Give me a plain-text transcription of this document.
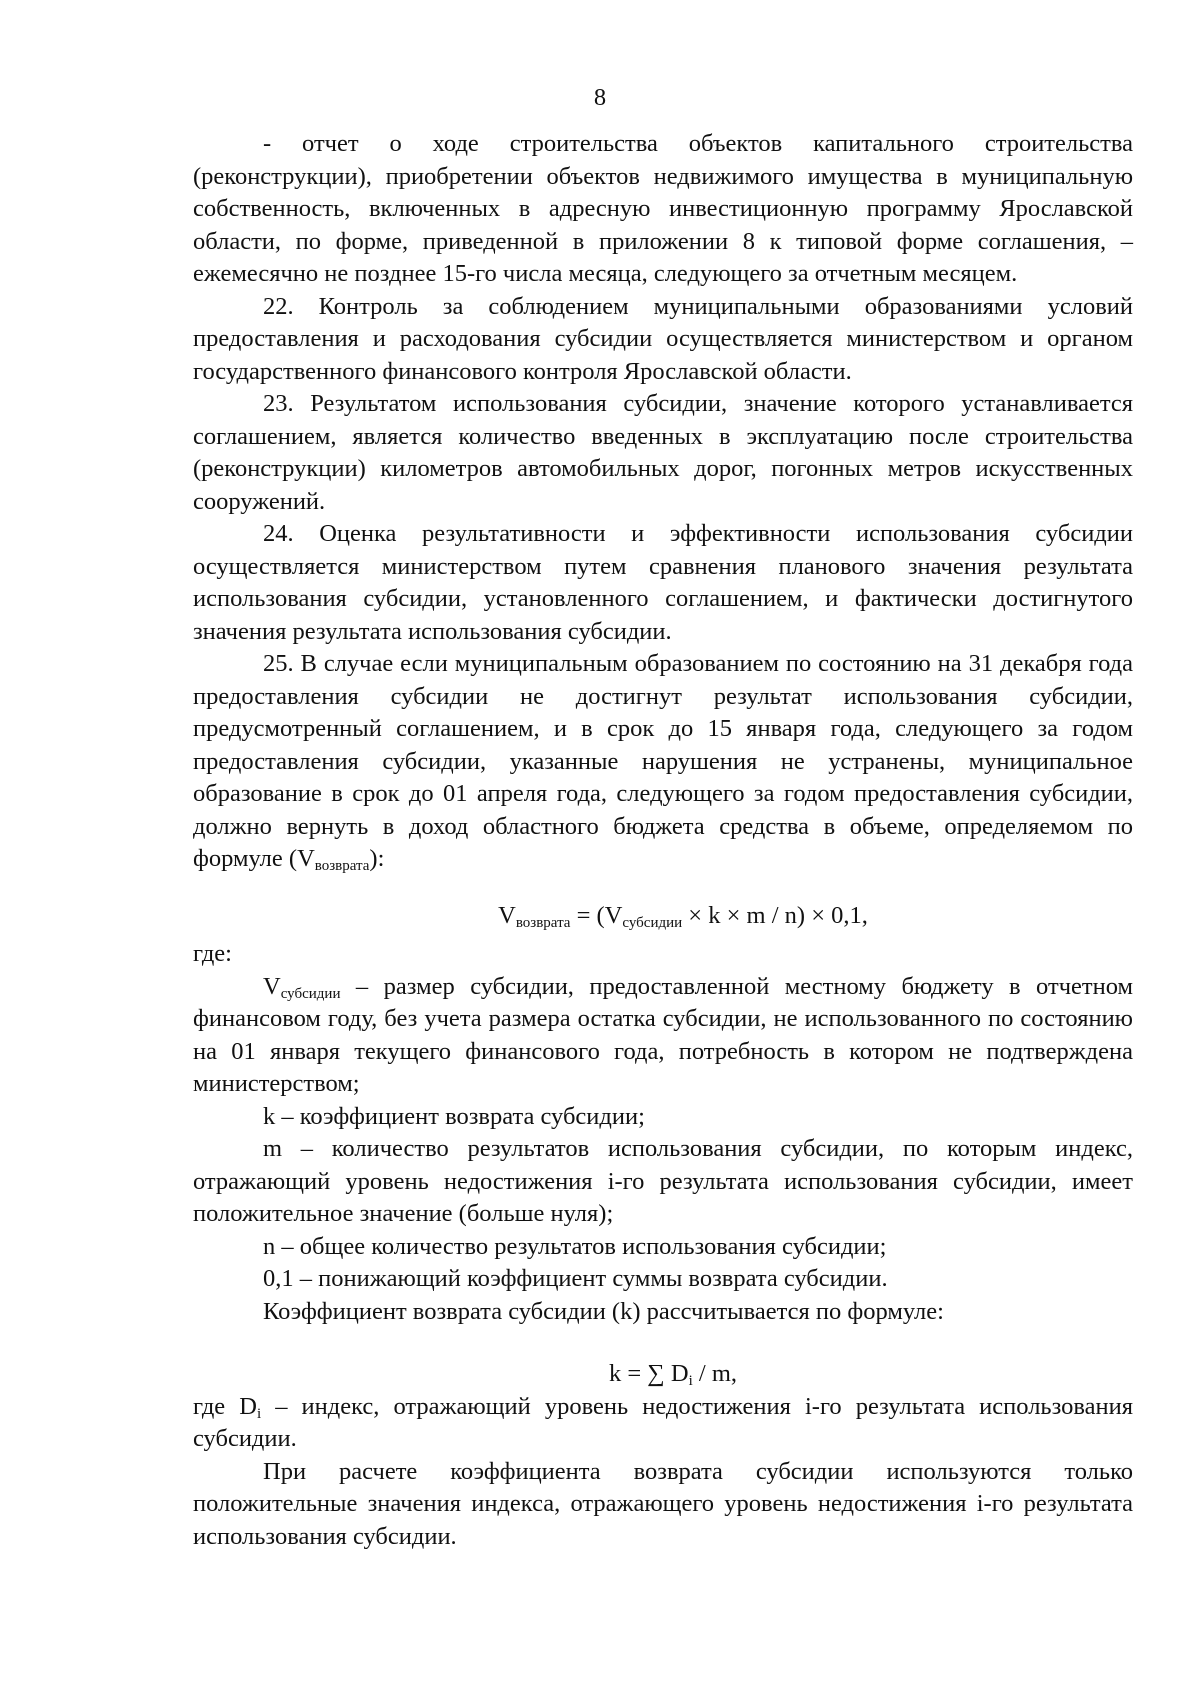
8

- отчет о ходе строительства объектов капитального строительства (реконструкции), приобретении объектов недвижимого имущества в муниципальную собственность, включенных в адресную инвестиционную программу Ярославской области, по форме, приведенной в приложении 8 к типовой форме соглашения, – ежемесячно не позднее 15-го числа месяца, следующего за отчетным месяцем.

22. Контроль за соблюдением муниципальными образованиями условий предоставления и расходования субсидии осуществляется министерством и органом государственного финансового контроля Ярославской области.

23. Результатом использования субсидии, значение которого устанавливается соглашением, является количество введенных в эксплуатацию после строительства (реконструкции) километров автомобильных дорог, погонных метров искусственных сооружений.

24. Оценка результативности и эффективности использования субсидии осуществляется министерством путем сравнения планового значения результата использования субсидии, установленного соглашением, и фактически достигнутого значения результата использования субсидии.

25. В случае если муниципальным образованием по состоянию на 31 декабря года предоставления субсидии не достигнут результат использования субсидии, предусмотренный соглашением, и в срок до 15 января года, следующего за годом предоставления субсидии, указанные нарушения не устранены, муниципальное образование в срок до 01 апреля года, следующего за годом предоставления субсидии, должно вернуть в доход областного бюджета средства в объеме, определяемом по формуле $(V_{возврата})$:

$V_{возврата} = (V_{субсидии} \times k \times m / n) \times 0,1$,

где:

$V_{субсидии}$ – размер субсидии, предоставленной местному бюджету в отчетном финансовом году, без учета размера остатка субсидии, не использованного по состоянию на 01 января текущего финансового года, потребность в котором не подтверждена министерством;

k – коэффициент возврата субсидии;

m – количество результатов использования субсидии, по которым индекс, отражающий уровень недостижения i-го результата использования субсидии, имеет положительное значение (больше нуля);

n – общее количество результатов использования субсидии;

0,1 – понижающий коэффициент суммы возврата субсидии.

Коэффициент возврата субсидии (k) рассчитывается по формуле:

k = ∑ $D_i$ / m,

где $D_i$ – индекс, отражающий уровень недостижения i-го результата использования субсидии.

При расчете коэффициента возврата субсидии используются только положительные значения индекса, отражающего уровень недостижения i-го результата использования субсидии.
